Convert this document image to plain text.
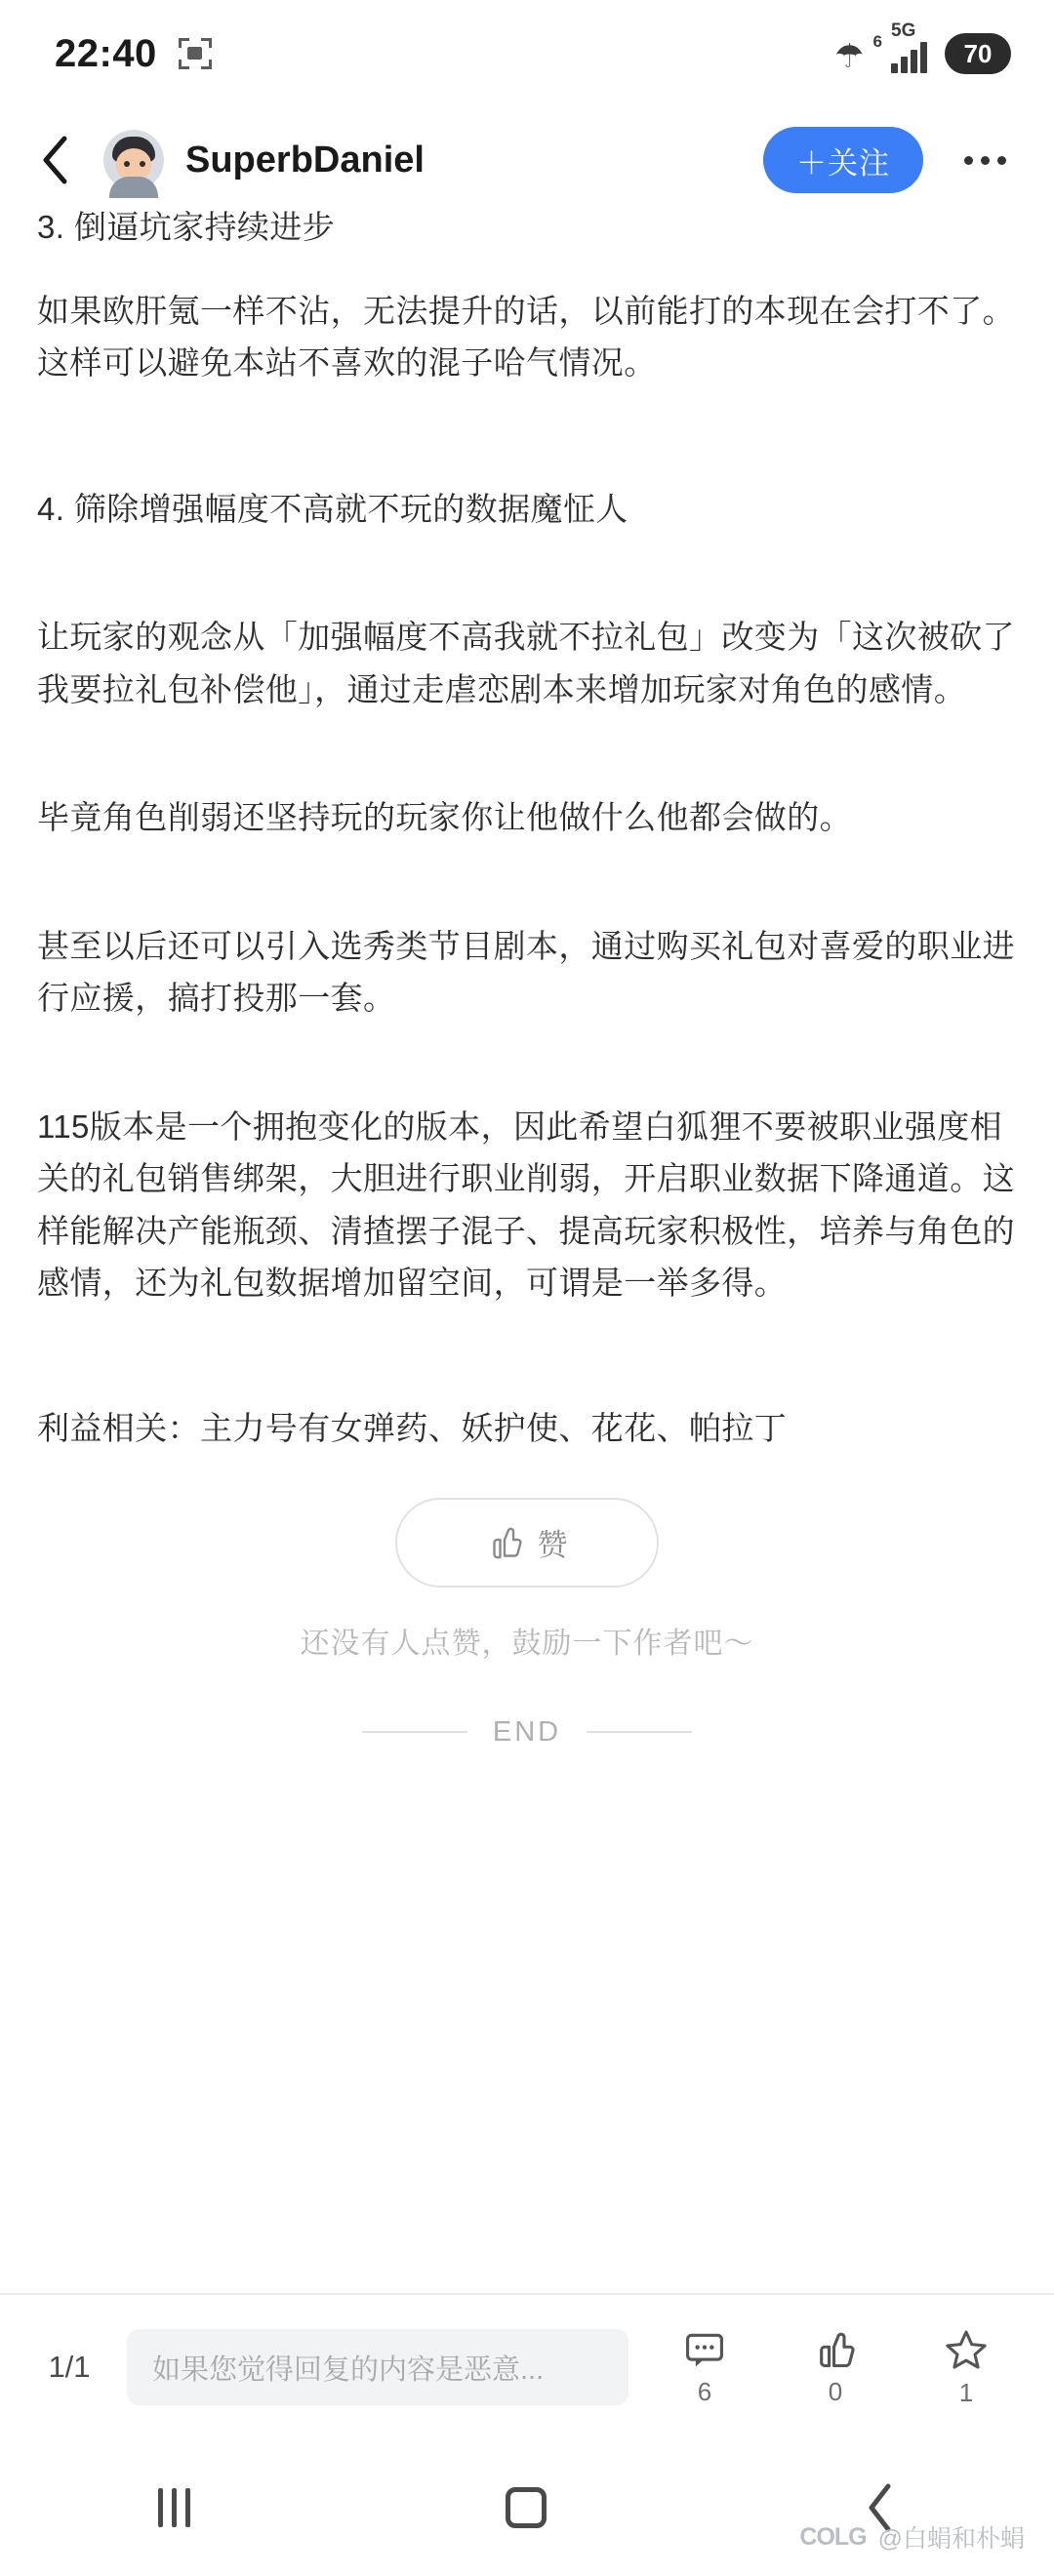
22:40	☂ 6
5G
70
SuperbDaniel	＋关注

3. 倒逼坑家持续进步

如果欧肝氪一样不沾，无法提升的话，以前能打的本现在会打不了。这样可以避免本站不喜欢的混子哈气情况。

4. 筛除增强幅度不高就不玩的数据魔怔人

让玩家的观念从「加强幅度不高我就不拉礼包」改变为「这次被砍了我要拉礼包补偿他」，通过走虐恋剧本来增加玩家对角色的感情。

毕竟角色削弱还坚持玩的玩家你让他做什么他都会做的。

甚至以后还可以引入选秀类节目剧本，通过购买礼包对喜爱的职业进行应援，搞打投那一套。

115版本是一个拥抱变化的版本，因此希望白狐狸不要被职业强度相关的礼包销售绑架，大胆进行职业削弱，开启职业数据下降通道。这样能解决产能瓶颈、清揸摆子混子、提高玩家积极性，培养与角色的感情，还为礼包数据增加留空间，可谓是一举多得。

利益相关：主力号有女弹药、妖护使、花花、帕拉丁

赞
还没有人点赞，鼓励一下作者吧～
END
1/1	如果您觉得回复的内容是恶意...
6	0	1
COLG @白蜎和朴蜎
